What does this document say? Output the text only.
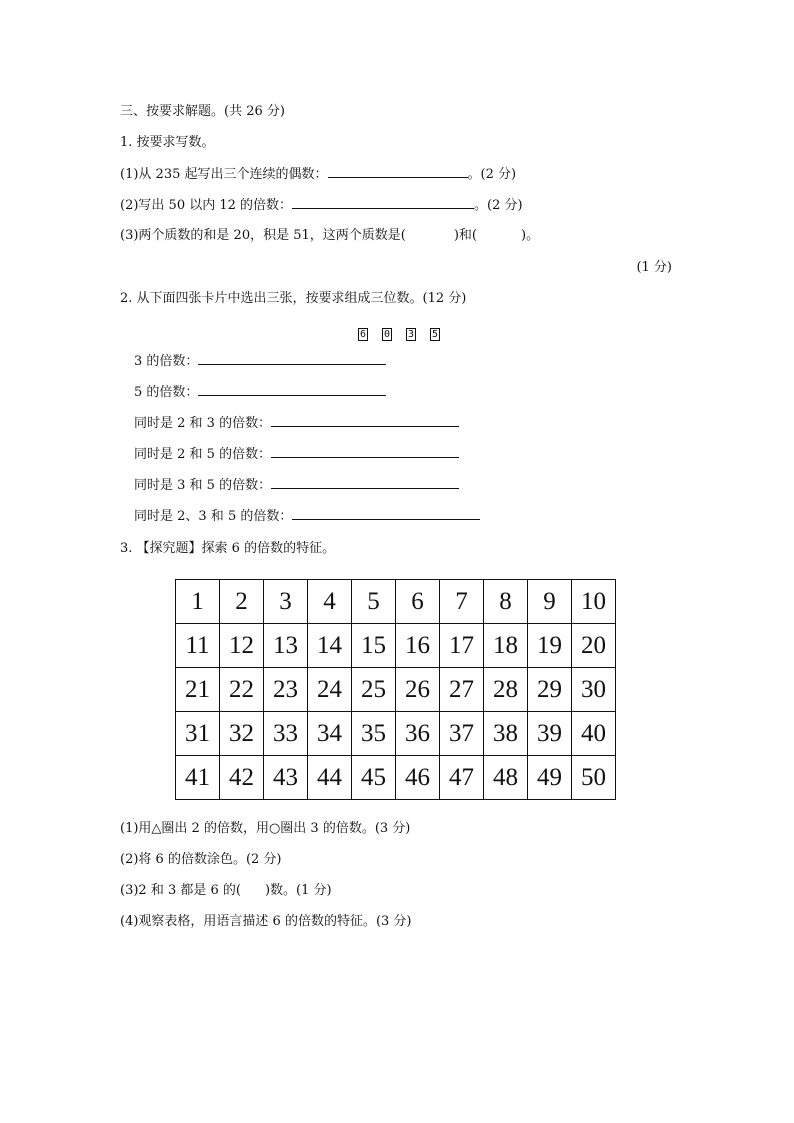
三、按要求解题。(共 26 分)
1. 按要求写数。
(1)从 235 起写出三个连续的偶数：	。(2 分)
(2)写出 50 以内 12 的倍数：	。(2 分)
(3)两个质数的和是 20，积是 51，这两个质数是(	)和(	)。
(1 分)
2. 从下面四张卡片中选出三张，按要求组成三位数。(12 分)
6 0 3 5
3 的倍数：
5 的倍数：
同时是 2 和 3 的倍数：
同时是 2 和 5 的倍数：
同时是 3 和 5 的倍数：
同时是 2、3 和 5 的倍数：
3. 【探究题】探索 6 的倍数的特征。
1	2	3	4	5	6	7	8	9	10
11	12	13	14	15	16	17	18	19	20
21	22	23	24	25	26	27	28	29	30
31	32	33	34	35	36	37	38	39	40
41	42	43	44	45	46	47	48	49	50
(1)用△圈出 2 的倍数，用○圈出 3 的倍数。(3 分)
(2)将 6 的倍数涂色。(2 分)
(3)2 和 3 都是 6 的( )数。(1 分)
(4)观察表格，用语言描述 6 的倍数的特征。(3 分)
